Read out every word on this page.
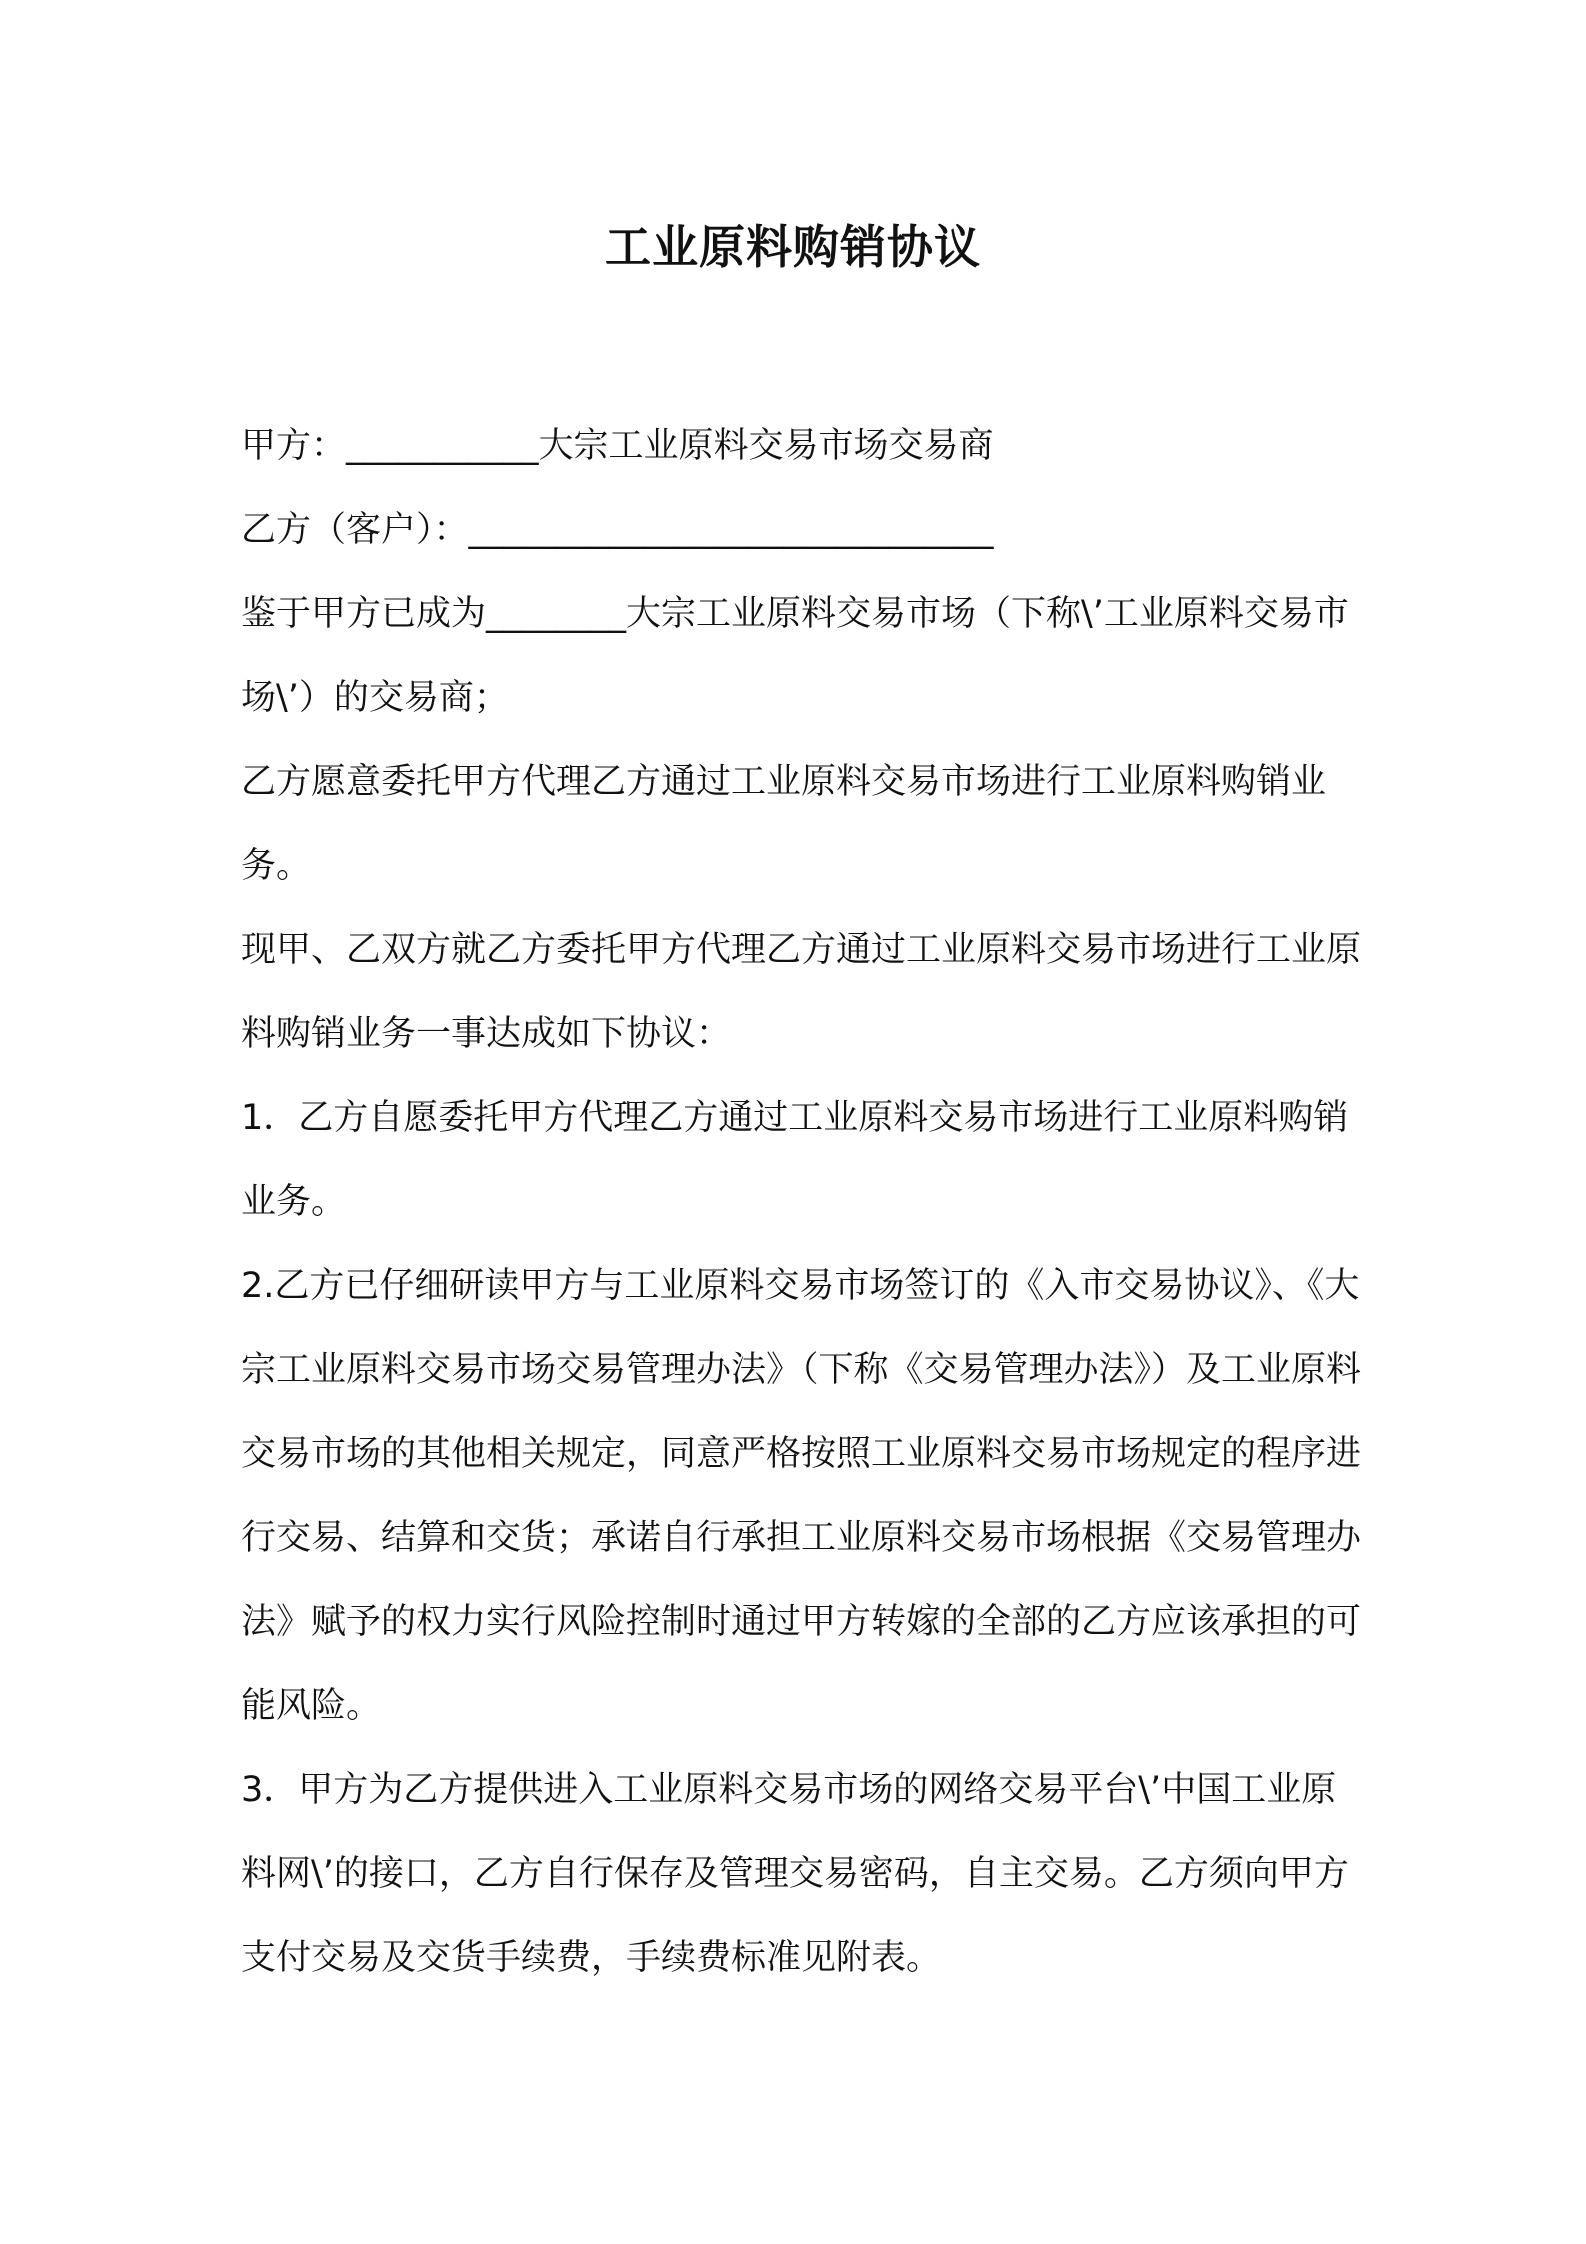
工业原料购销协议

甲方：___________大宗工业原料交易市场交易商

乙方（客户）：______________________________

鉴于甲方已成为________大宗工业原料交易市场（下称\’工业原料交易市场\’）的交易商；

乙方愿意委托甲方代理乙方通过工业原料交易市场进行工业原料购销业务。

现甲、乙双方就乙方委托甲方代理乙方通过工业原料交易市场进行工业原料购销业务一事达成如下协议：

1．乙方自愿委托甲方代理乙方通过工业原料交易市场进行工业原料购销业务。

2.乙方已仔细研读甲方与工业原料交易市场签订的《入市交易协议》、《大宗工业原料交易市场交易管理办法》（下称《交易管理办法》）及工业原料交易市场的其他相关规定，同意严格按照工业原料交易市场规定的程序进行交易、结算和交货；承诺自行承担工业原料交易市场根据《交易管理办法》赋予的权力实行风险控制时通过甲方转嫁的全部的乙方应该承担的可能风险。

3．甲方为乙方提供进入工业原料交易市场的网络交易平台\’中国工业原料网\’的接口，乙方自行保存及管理交易密码，自主交易。乙方须向甲方支付交易及交货手续费，手续费标准见附表。
